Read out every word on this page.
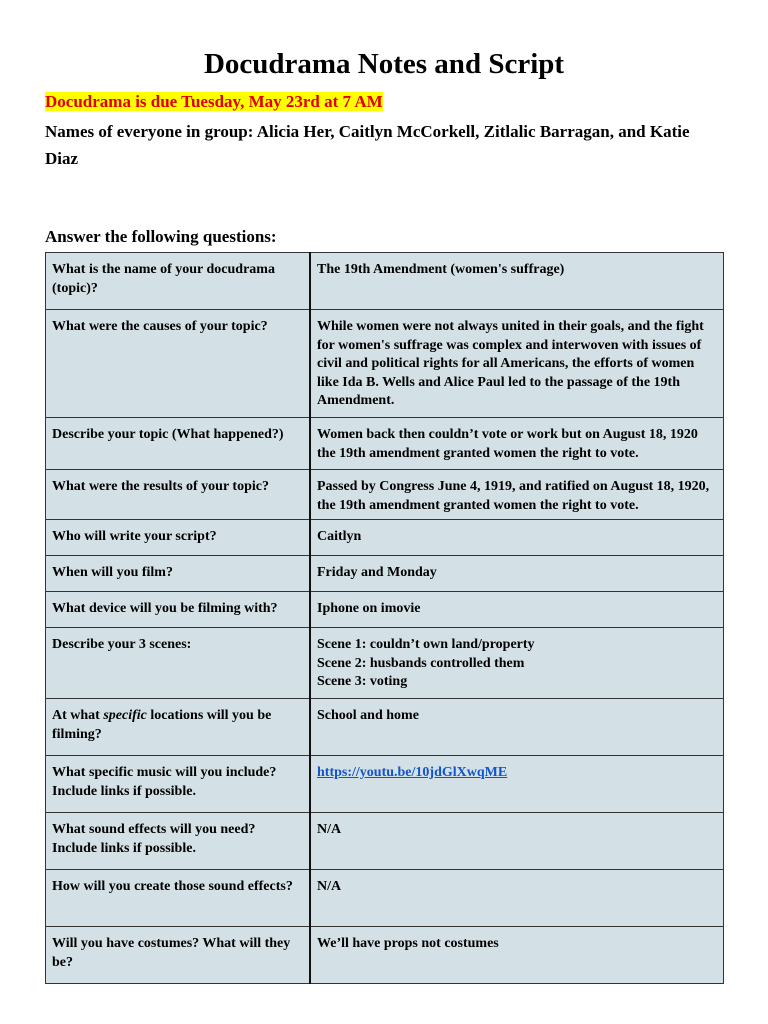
Docudrama Notes and Script
Docudrama is due Tuesday, May 23rd at 7 AM
Names of everyone in group: Alicia Her, Caitlyn McCorkell, Zitlalic Barragan, and Katie Diaz
Answer the following questions:
What is the name of your docudrama (topic)?	The 19th Amendment (women's suffrage)
What were the causes of your topic?	While women were not always united in their goals, and the fight for women's suffrage was complex and interwoven with issues of civil and political rights for all Americans, the efforts of women like Ida B. Wells and Alice Paul led to the passage of the 19th Amendment.
Describe your topic (What happened?)	Women back then couldn’t vote or work but on August 18, 1920 the 19th amendment granted women the right to vote.
What were the results of your topic?	Passed by Congress June 4, 1919, and ratified on August 18, 1920, the 19th amendment granted women the right to vote.
Who will write your script?	Caitlyn
When will you film?	Friday and Monday
What device will you be filming with?	Iphone on imovie
Describe your 3 scenes:	Scene 1: couldn’t own land/property
Scene 2: husbands controlled them
Scene 3: voting
At what specific locations will you be filming?	School and home
What specific music will you include? Include links if possible.	https://youtu.be/10jdGlXwqME
What sound effects will you need? Include links if possible.	N/A
How will you create those sound effects?	N/A
Will you have costumes? What will they be?	We’ll have props not costumes
